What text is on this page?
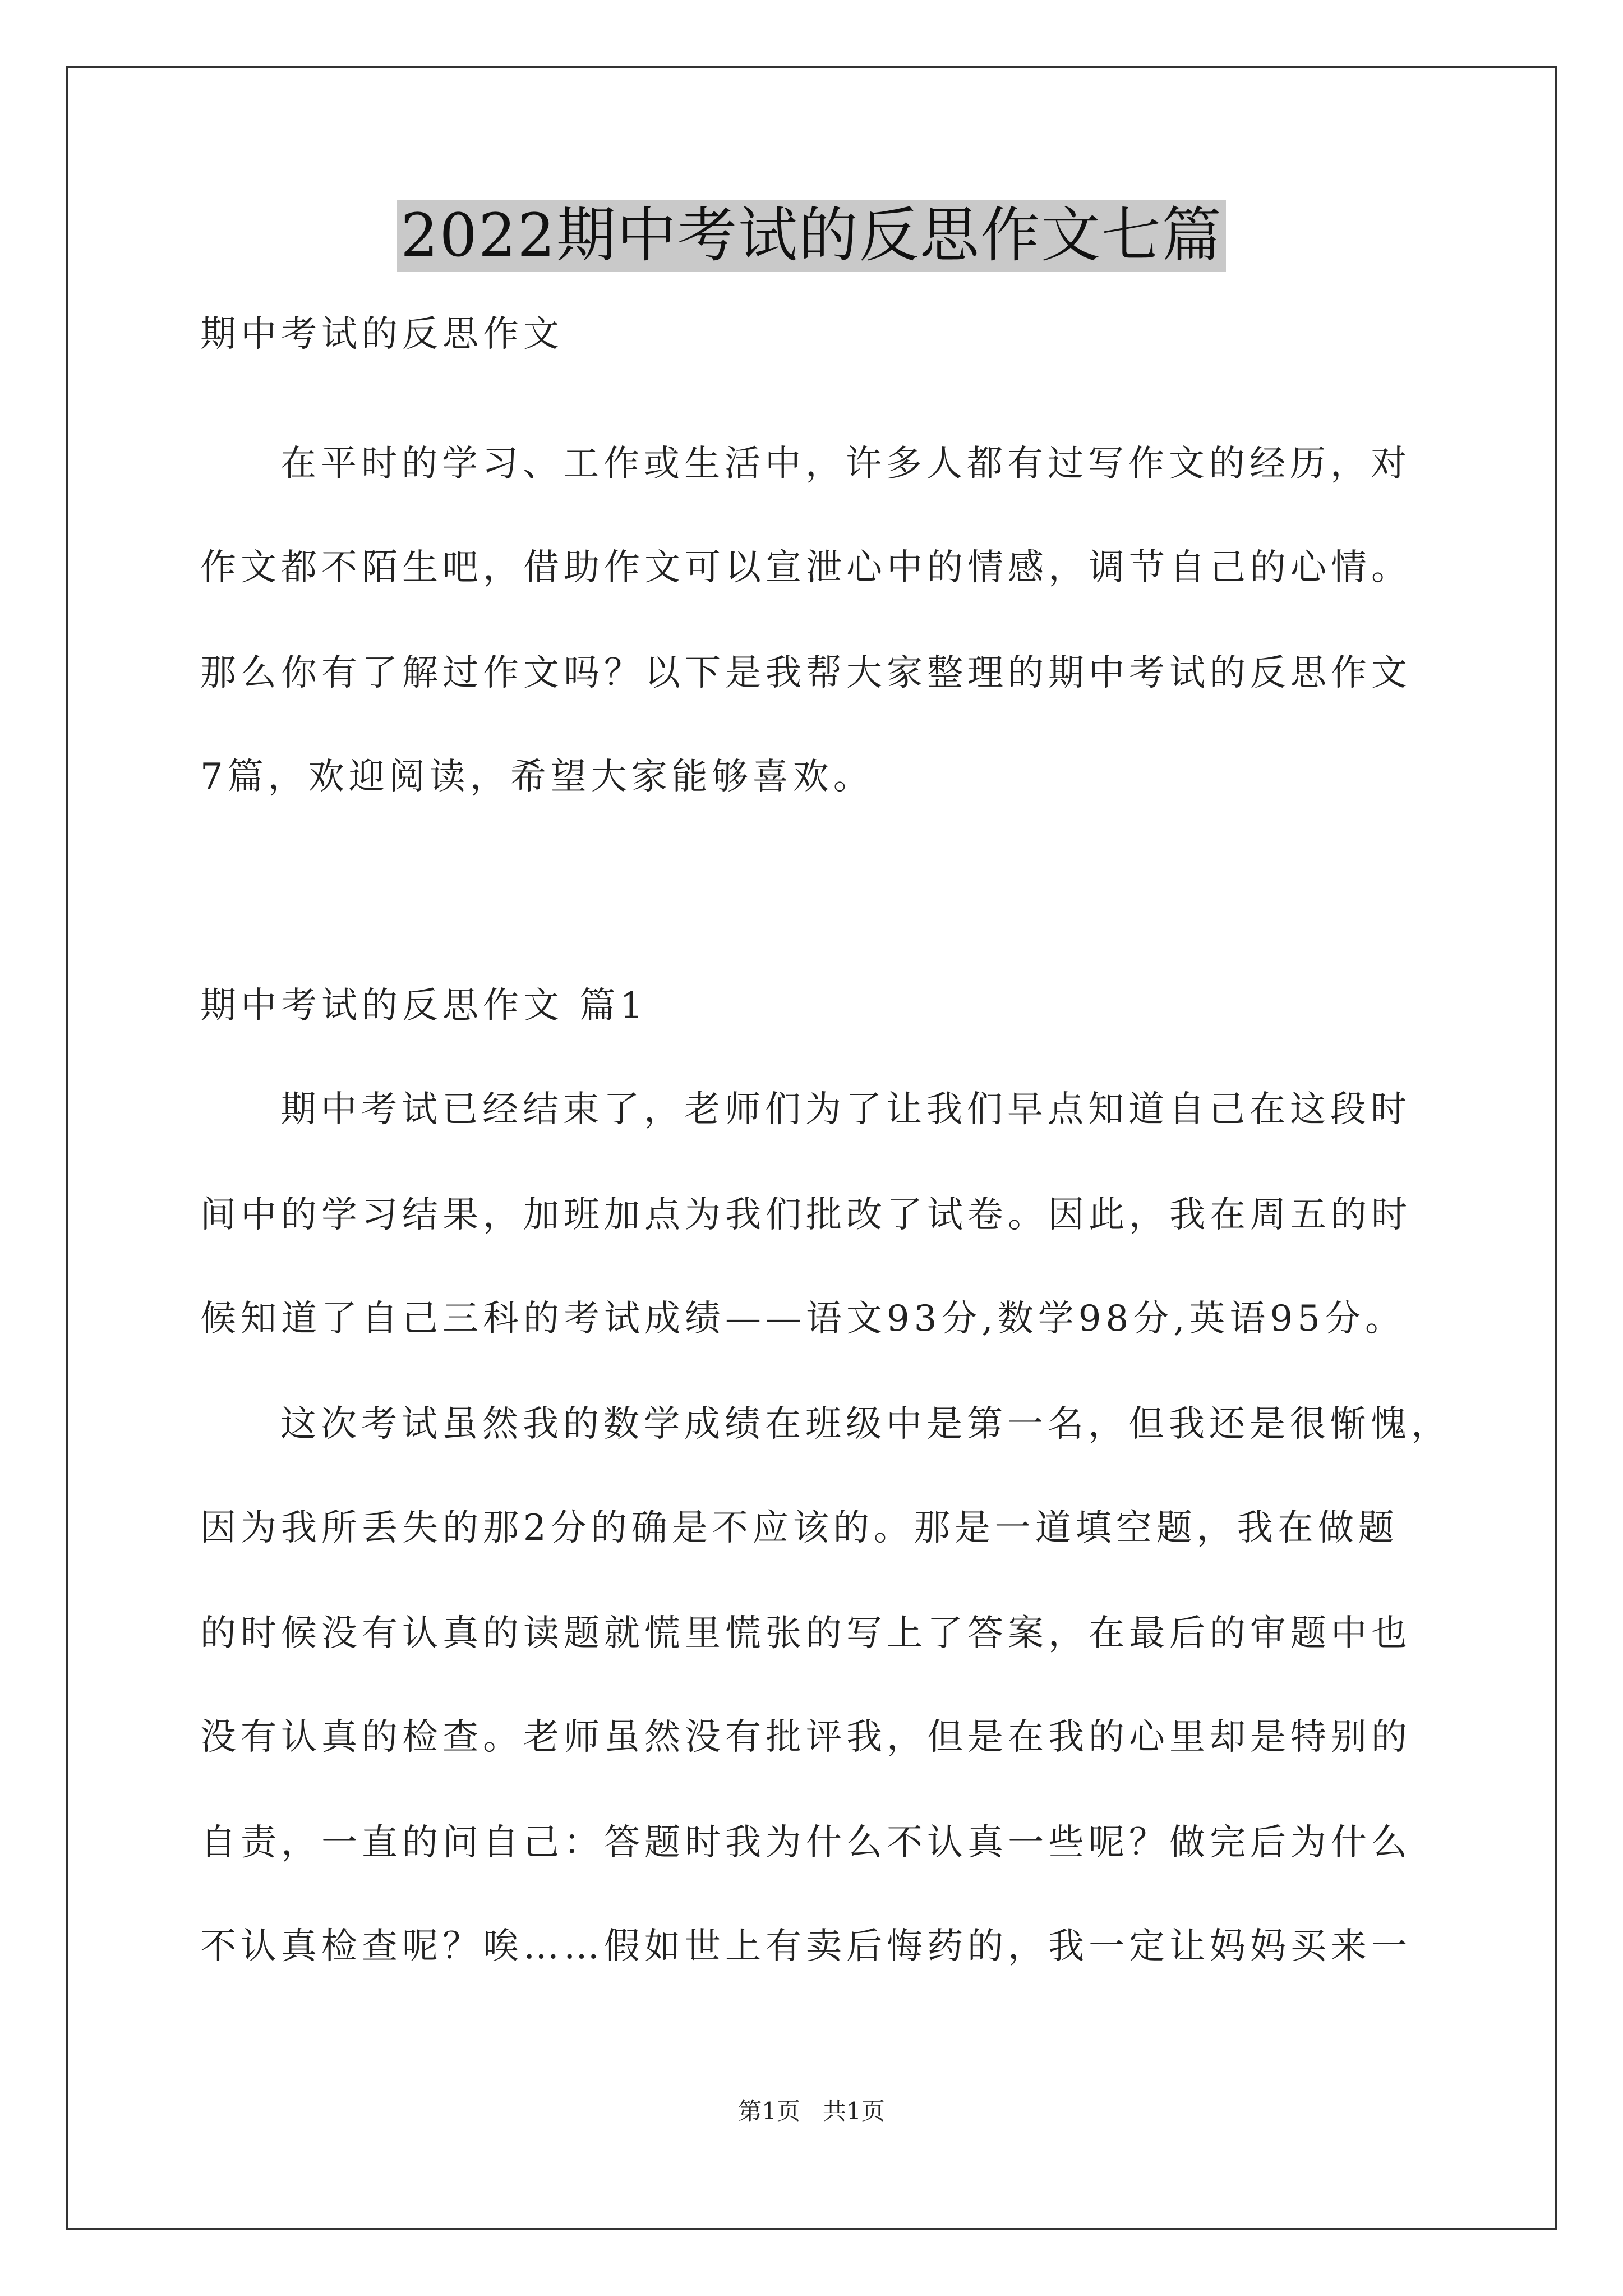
2022期中考试的反思作文七篇
期中考试的反思作文
在平时的学习、工作或生活中，许多人都有过写作文的经历，对
作文都不陌生吧，借助作文可以宣泄心中的情感，调节自己的心情。
那么你有了解过作文吗？以下是我帮大家整理的期中考试的反思作文
7篇，欢迎阅读，希望大家能够喜欢。
期中考试的反思作文 篇1
期中考试已经结束了，老师们为了让我们早点知道自己在这段时
间中的学习结果，加班加点为我们批改了试卷。因此，我在周五的时
候知道了自己三科的考试成绩——语文93分,数学98分,英语95分。
这次考试虽然我的数学成绩在班级中是第一名，但我还是很惭愧，
因为我所丢失的那2分的确是不应该的。那是一道填空题，我在做题
的时候没有认真的读题就慌里慌张的写上了答案，在最后的审题中也
没有认真的检查。老师虽然没有批评我，但是在我的心里却是特别的
自责，一直的问自己：答题时我为什么不认真一些呢？做完后为什么
不认真检查呢？唉……假如世上有卖后悔药的，我一定让妈妈买来一
第1页   共1页
